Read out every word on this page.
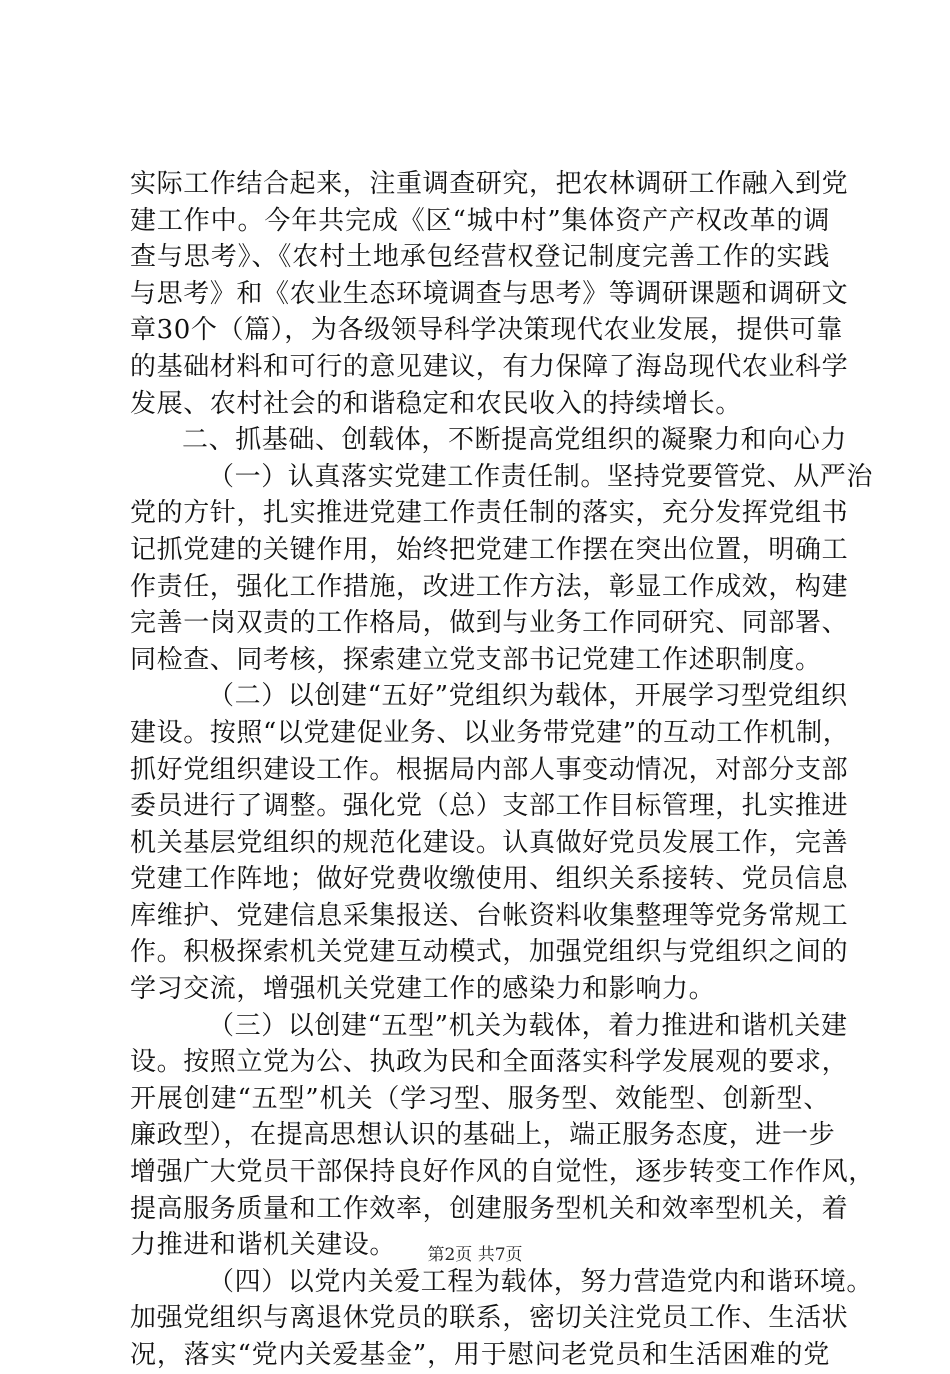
实际工作结合起来，注重调查研究，把农林调研工作融入到党
建工作中。今年共完成《区“城中村”集体资产产权改革的调
查与思考》、《农村土地承包经营权登记制度完善工作的实践
与思考》和《农业生态环境调查与思考》等调研课题和调研文
章30个（篇），为各级领导科学决策现代农业发展，提供可靠
的基础材料和可行的意见建议，有力保障了海岛现代农业科学
发展、农村社会的和谐稳定和农民收入的持续增长。
二、抓基础、创载体，不断提高党组织的凝聚力和向心力
（一）认真落实党建工作责任制。坚持党要管党、从严治
党的方针，扎实推进党建工作责任制的落实，充分发挥党组书
记抓党建的关键作用，始终把党建工作摆在突出位置，明确工
作责任，强化工作措施，改进工作方法，彰显工作成效，构建
完善一岗双责的工作格局，做到与业务工作同研究、同部署、
同检查、同考核，探索建立党支部书记党建工作述职制度。
（二）以创建“五好”党组织为载体，开展学习型党组织
建设。按照“以党建促业务、以业务带党建”的互动工作机制，
抓好党组织建设工作。根据局内部人事变动情况，对部分支部
委员进行了调整。强化党（总）支部工作目标管理，扎实推进
机关基层党组织的规范化建设。认真做好党员发展工作，完善
党建工作阵地；做好党费收缴使用、组织关系接转、党员信息
库维护、党建信息采集报送、台帐资料收集整理等党务常规工
作。积极探索机关党建互动模式，加强党组织与党组织之间的
学习交流，增强机关党建工作的感染力和影响力。
（三）以创建“五型”机关为载体，着力推进和谐机关建
设。按照立党为公、执政为民和全面落实科学发展观的要求，
开展创建“五型”机关（学习型、服务型、效能型、创新型、
廉政型），在提高思想认识的基础上，端正服务态度，进一步
增强广大党员干部保持良好作风的自觉性，逐步转变工作作风，
提高服务质量和工作效率，创建服务型机关和效率型机关，着
力推进和谐机关建设。
（四）以党内关爱工程为载体，努力营造党内和谐环境。
加强党组织与离退休党员的联系，密切关注党员工作、生活状
况，落实“党内关爱基金”，用于慰问老党员和生活困难的党
第2页 共7页
